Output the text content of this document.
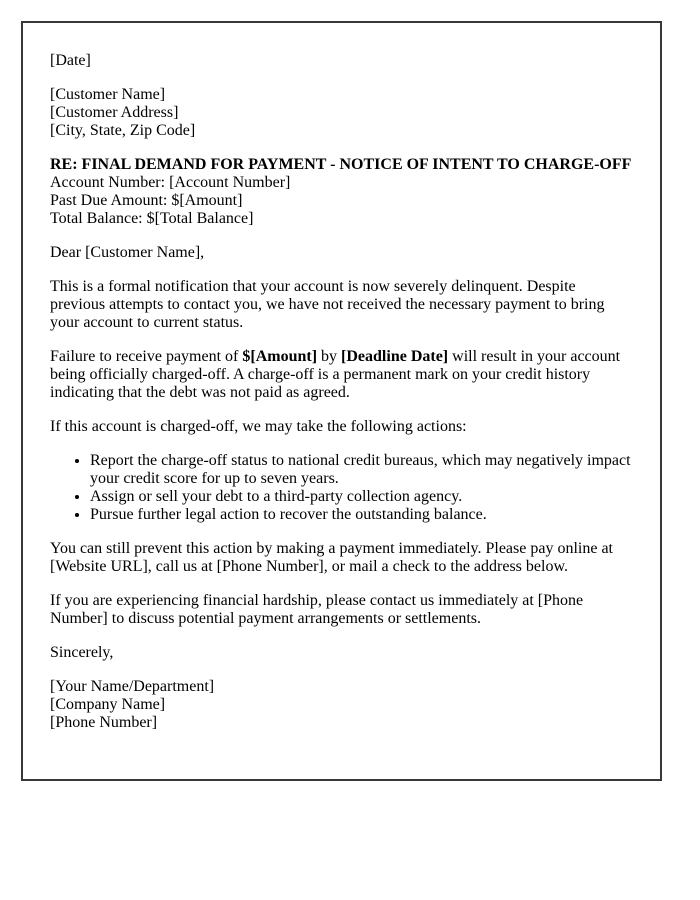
[Date]

[Customer Name]
[Customer Address]
[City, State, Zip Code]
RE: FINAL DEMAND FOR PAYMENT - NOTICE OF INTENT TO CHARGE-OFF
Account Number: [Account Number]
Past Due Amount: $[Amount]
Total Balance: $[Total Balance]

Dear [Customer Name],

This is a formal notification that your account is now severely delinquent. Despite previous attempts to contact you, we have not received the necessary payment to bring your account to current status.

Failure to receive payment of $[Amount] by [Deadline Date] will result in your account being officially charged-off. A charge-off is a permanent mark on your credit history indicating that the debt was not paid as agreed.

If this account is charged-off, we may take the following actions:

• Report the charge-off status to national credit bureaus, which may negatively impact your credit score for up to seven years.
• Assign or sell your debt to a third-party collection agency.
• Pursue further legal action to recover the outstanding balance.

You can still prevent this action by making a payment immediately. Please pay online at [Website URL], call us at [Phone Number], or mail a check to the address below.

If you are experiencing financial hardship, please contact us immediately at [Phone Number] to discuss potential payment arrangements or settlements.

Sincerely,

[Your Name/Department]
[Company Name]
[Phone Number]
